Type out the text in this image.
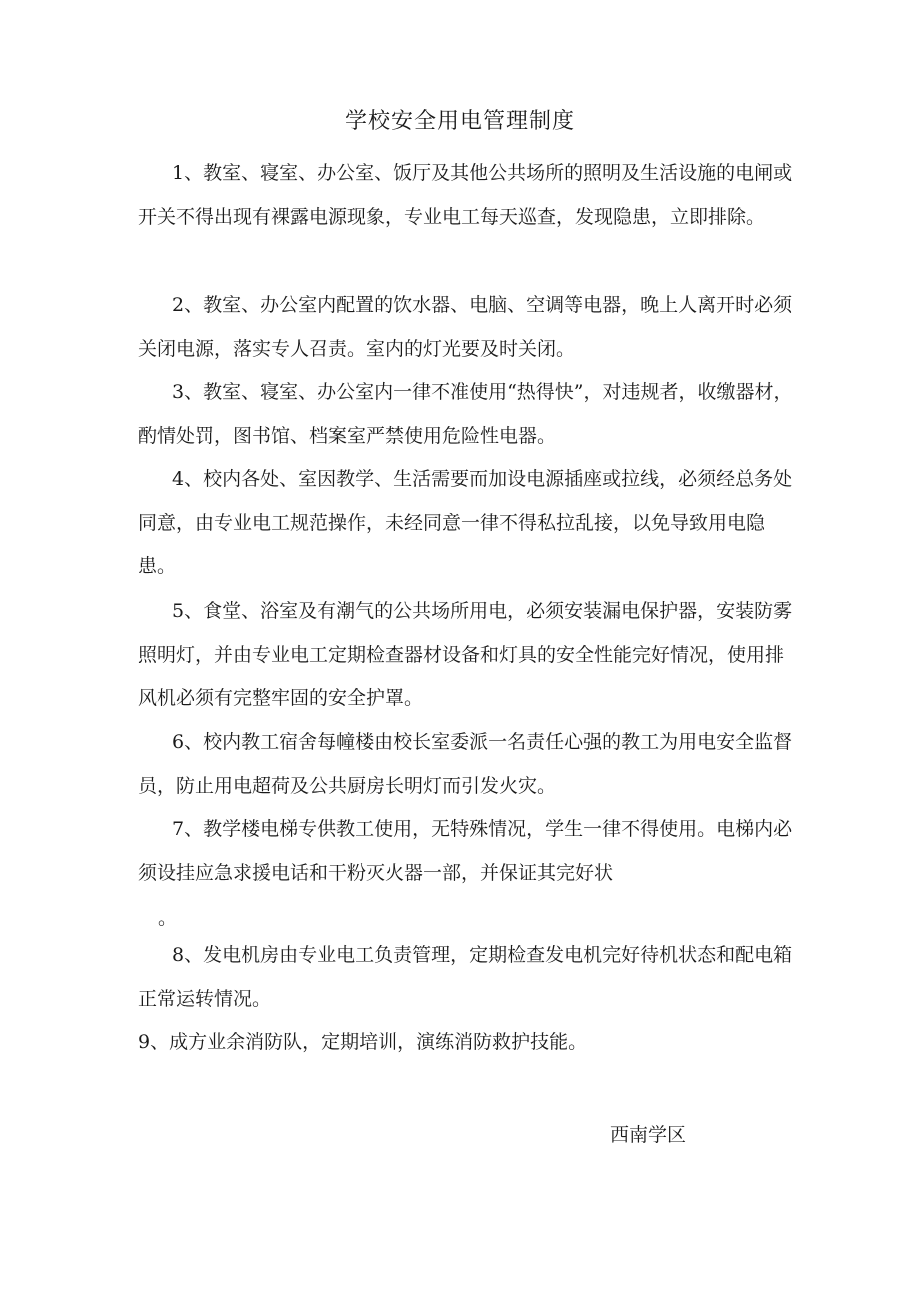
学校安全用电管理制度

1、教室、寝室、办公室、饭厅及其他公共场所的照明及生活设施的电闸或开关不得出现有裸露电源现象，专业电工每天巡查，发现隐患，立即排除。

2、教室、办公室内配置的饮水器、电脑、空调等电器，晚上人离开时必须关闭电源，落实专人召责。室内的灯光要及时关闭。

3、教室、寝室、办公室内一律不准使用“热得快”，对违规者，收缴器材，酌情处罚，图书馆、档案室严禁使用危险性电器。

4、校内各处、室因教学、生活需要而加设电源插座或拉线，必须经总务处同意，由专业电工规范操作，未经同意一律不得私拉乱接，以免导致用电隐患。

5、食堂、浴室及有潮气的公共场所用电，必须安装漏电保护器，安装防雾照明灯，并由专业电工定期检查器材设备和灯具的安全性能完好情况，使用排风机必须有完整牢固的安全护罩。

6、校内教工宿舍每幢楼由校长室委派一名责任心强的教工为用电安全监督员，防止用电超荷及公共厨房长明灯而引发火灾。

7、教学楼电梯专供教工使用，无特殊情况，学生一律不得使用。电梯内必须设挂应急求援电话和干粉灭火器一部，并保证其完好状

。

8、发电机房由专业电工负责管理，定期检查发电机完好待机状态和配电箱正常运转情况。

9、成方业余消防队，定期培训，演练消防救护技能。

西南学区
